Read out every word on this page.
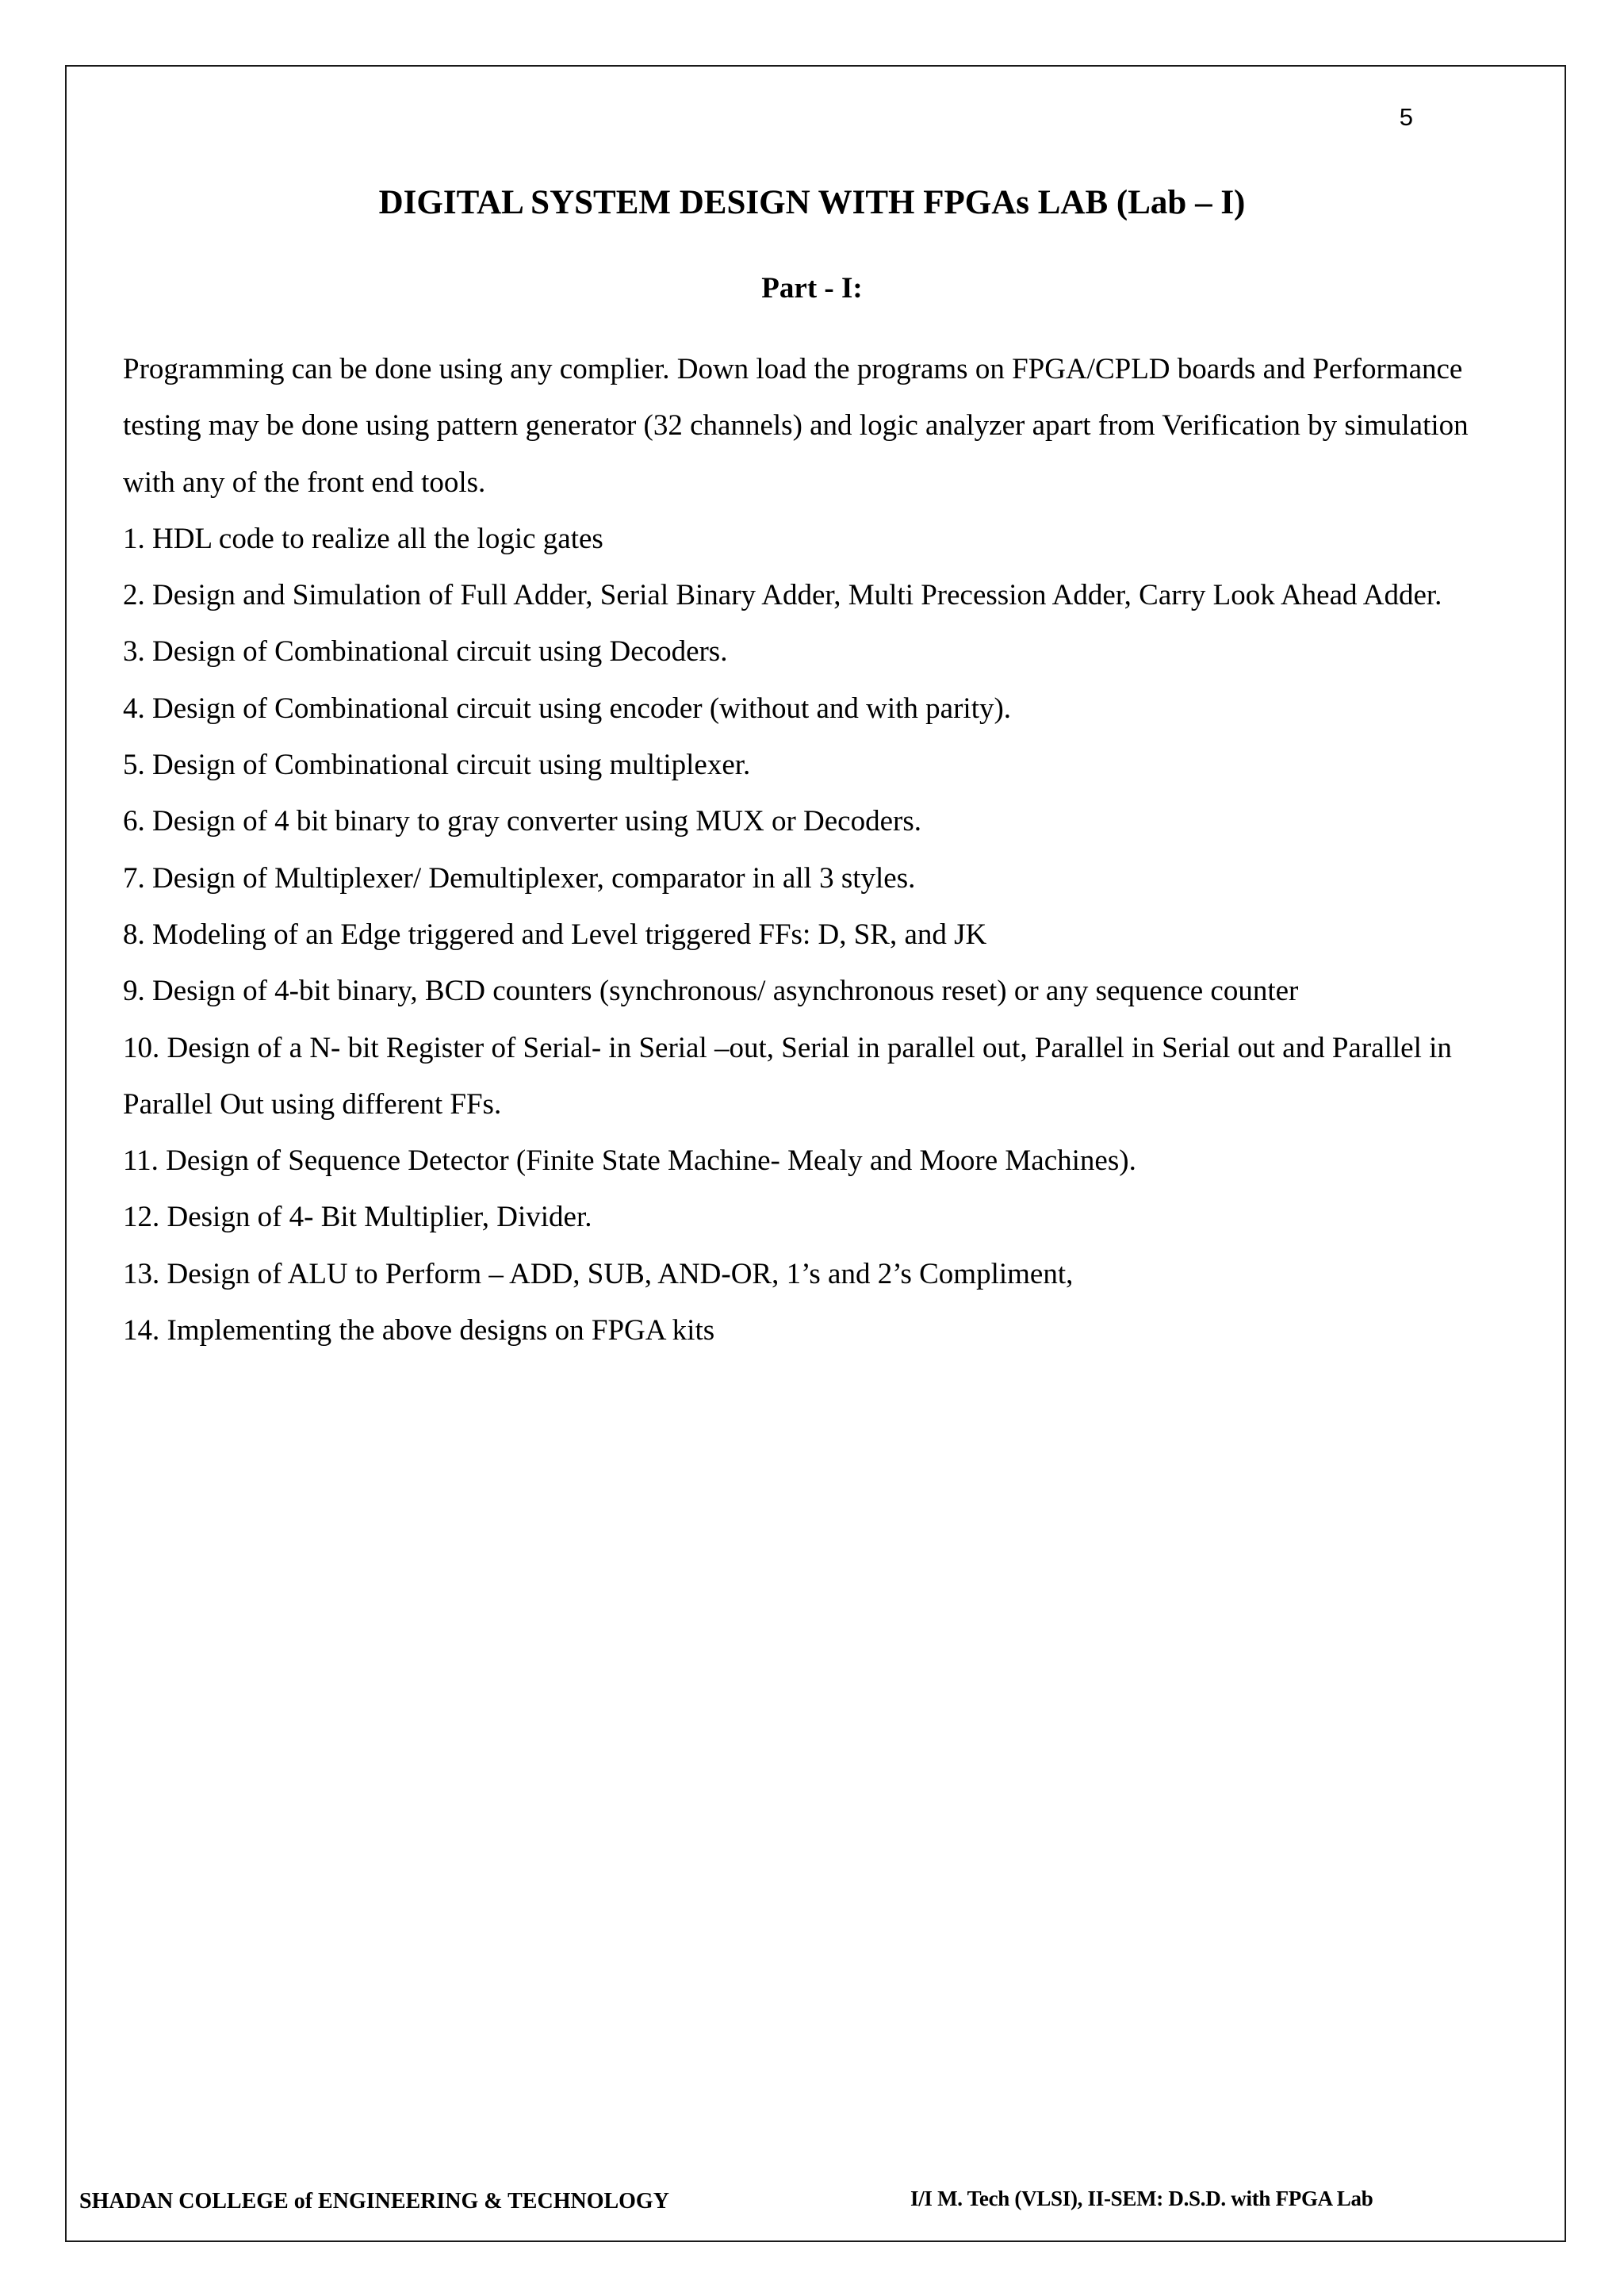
5
DIGITAL SYSTEM DESIGN WITH FPGAs LAB (Lab – I)
Part - I:

Programming can be done using any complier. Down load the programs on FPGA/CPLD boards and Performance testing may be done using pattern generator (32 channels) and logic analyzer apart from Verification by simulation with any of the front end tools.

1. HDL code to realize all the logic gates
2. Design and Simulation of Full Adder, Serial Binary Adder, Multi Precession Adder, Carry Look Ahead Adder.
3. Design of Combinational circuit using Decoders.
4. Design of Combinational circuit using encoder (without and with parity).
5. Design of Combinational circuit using multiplexer.
6. Design of 4 bit binary to gray converter using MUX or Decoders.
7. Design of Multiplexer/ Demultiplexer, comparator in all 3 styles.
8. Modeling of an Edge triggered and Level triggered FFs: D, SR, and JK
9. Design of 4-bit binary, BCD counters (synchronous/ asynchronous reset) or any sequence counter
10. Design of a N- bit Register of Serial- in Serial –out, Serial in parallel out, Parallel in Serial out and Parallel in Parallel Out using different FFs.
11. Design of Sequence Detector (Finite State Machine- Mealy and Moore Machines).
12. Design of 4- Bit Multiplier, Divider.
13. Design of ALU to Perform – ADD, SUB, AND-OR, 1’s and 2’s Compliment,
14. Implementing the above designs on FPGA kits
SHADAN COLLEGE of ENGINEERING & TECHNOLOGY	I/I M. Tech (VLSI), II-SEM: D.S.D. with FPGA Lab
